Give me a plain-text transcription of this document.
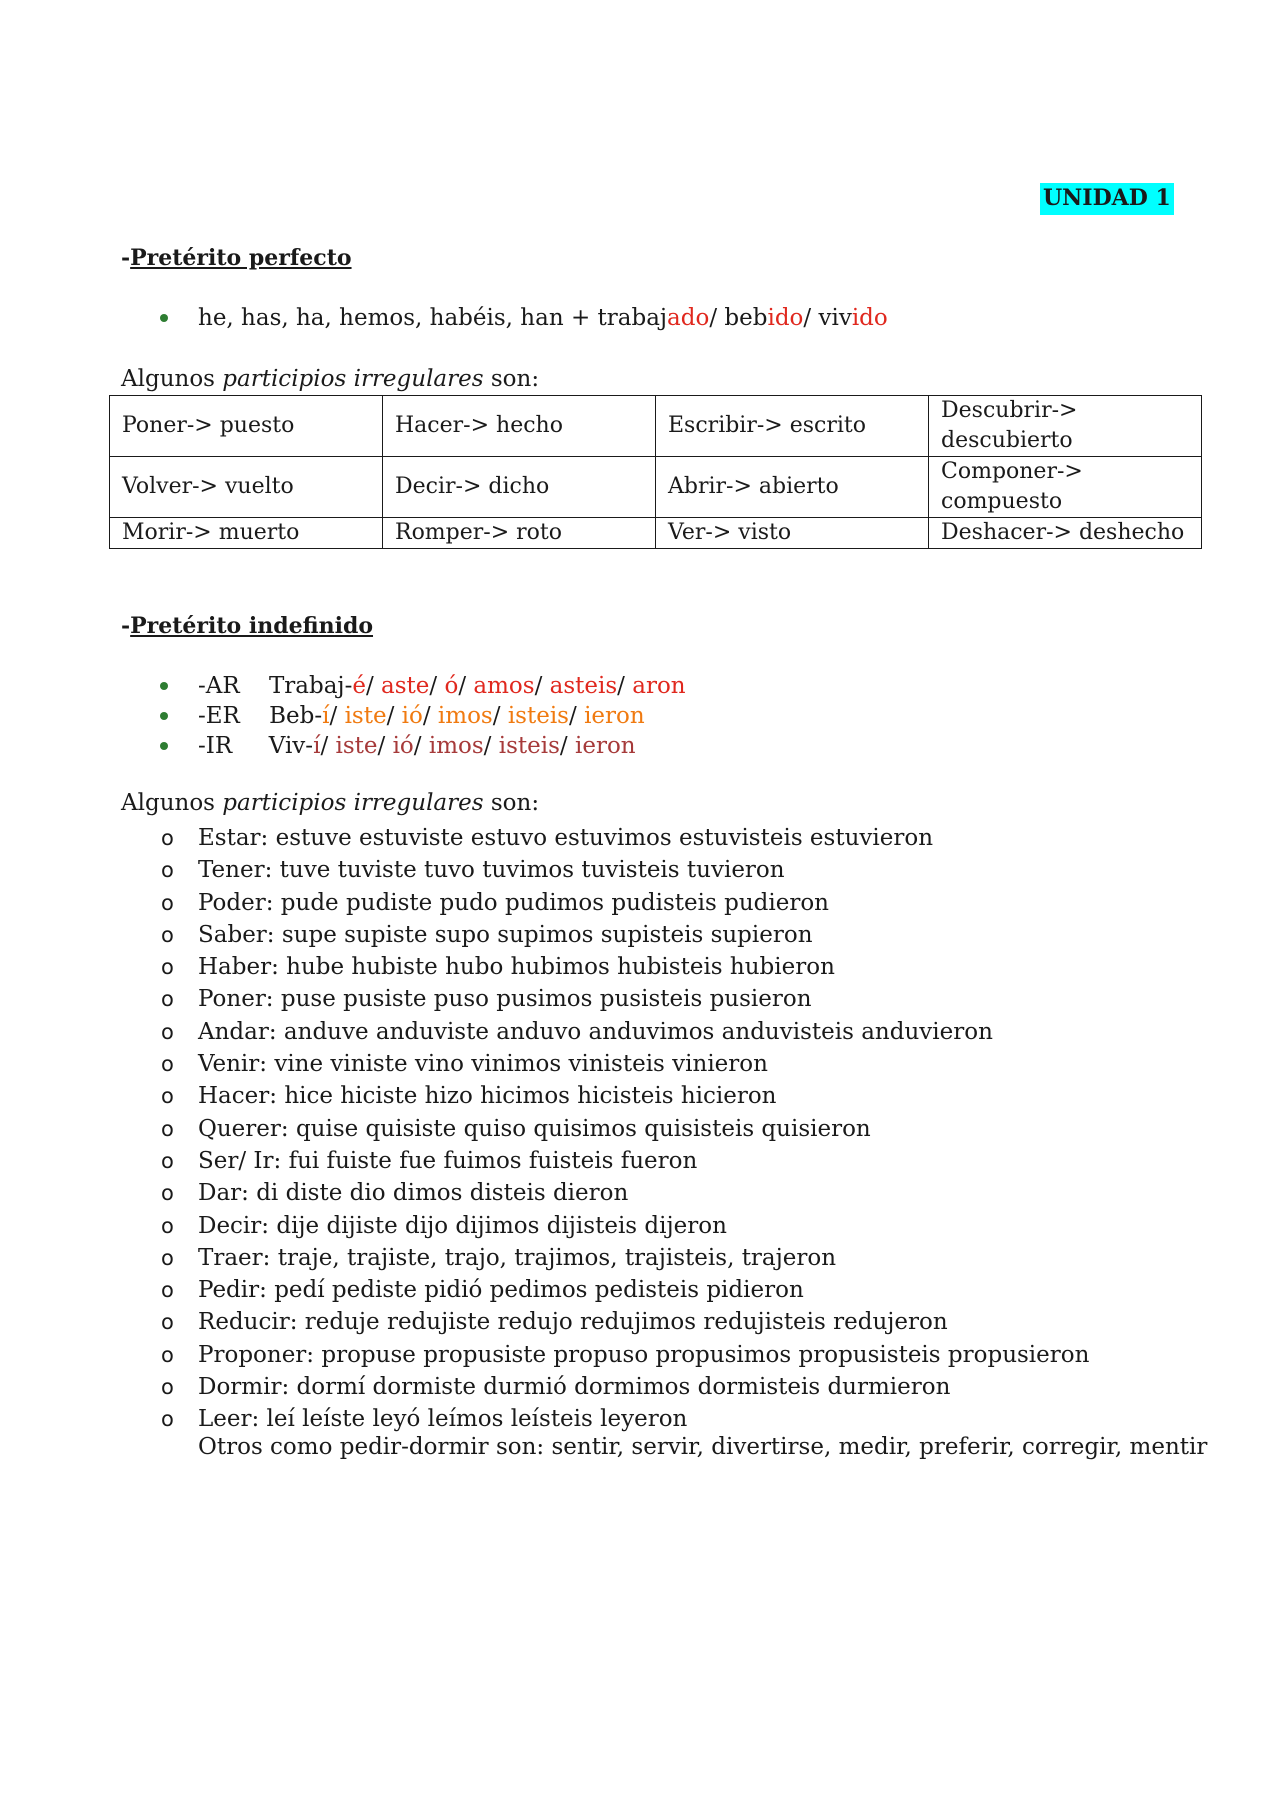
UNIDAD 1
-Pretérito perfecto

he, has, ha, hemos, habéis, han + trabajado/ bebido/ vivido

Algunos participios irregulares son:
Poner-> puesto	Hacer-> hecho	Escribir-> escrito	Descubrir-> descubierto
Volver-> vuelto	Decir-> dicho	Abrir-> abierto	Componer-> compuesto
Morir-> muerto	Romper-> roto	Ver-> visto	Deshacer-> deshecho
-Pretérito indefinido

-AR Trabaj-é/ aste/ ó/ amos/ asteis/ aron

-ER Beb-í/ iste/ ió/ imos/ isteis/ ieron

-IR Viv-í/ iste/ ió/ imos/ isteis/ ieron

Algunos participios irregulares son:
o Estar: estuve estuviste estuvo estuvimos estuvisteis estuvieron
o Tener: tuve tuviste tuvo tuvimos tuvisteis tuvieron
o Poder: pude pudiste pudo pudimos pudisteis pudieron
o Saber: supe supiste supo supimos supisteis supieron
o Haber: hube hubiste hubo hubimos hubisteis hubieron
o Poner: puse pusiste puso pusimos pusisteis pusieron
o Andar: anduve anduviste anduvo anduvimos anduvisteis anduvieron
o Venir: vine viniste vino vinimos vinisteis vinieron
o Hacer: hice hiciste hizo hicimos hicisteis hicieron
o Querer: quise quisiste quiso quisimos quisisteis quisieron
o Ser/ Ir: fui fuiste fue fuimos fuisteis fueron
o Dar: di diste dio dimos disteis dieron
o Decir: dije dijiste dijo dijimos dijisteis dijeron
o Traer: traje, trajiste, trajo, trajimos, trajisteis, trajeron
o Pedir: pedí pediste pidió pedimos pedisteis pidieron
o Reducir: reduje redujiste redujo redujimos redujisteis redujeron
o Proponer: propuse propusiste propuso propusimos propusisteis propusieron
o Dormir: dormí dormiste durmió dormimos dormisteis durmieron
o Leer: leí leíste leyó leímos leísteis leyeron
Otros como pedir-dormir son: sentir, servir, divertirse, medir, preferir, corregir, mentir
